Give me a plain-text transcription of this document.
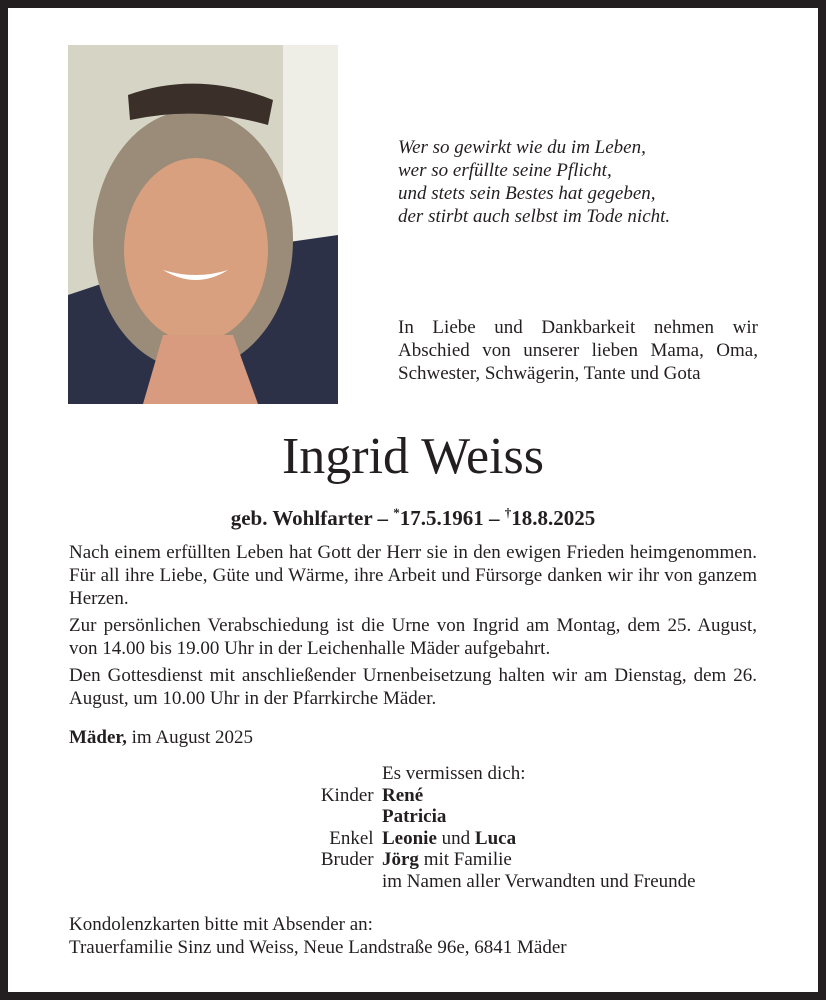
Wer so gewirkt wie du im Leben,
wer so erfüllte seine Pflicht,
und stets sein Bestes hat gegeben,
der stirbt auch selbst im Tode nicht.
In Liebe und Dankbarkeit nehmen wir Abschied von unserer lieben Mama, Oma, Schwester, Schwägerin, Tante und Gota
Ingrid Weiss
geb. Wohlfarter – *17.5.1961 – †18.8.2025

Nach einem erfüllten Leben hat Gott der Herr sie in den ewigen Frieden heimgenommen. Für all ihre Liebe, Güte und Wärme, ihre Arbeit und Fürsorge danken wir ihr von ganzem Herzen.

Zur persönlichen Verabschiedung ist die Urne von Ingrid am Montag, dem 25. August, von 14.00 bis 19.00 Uhr in der Leichenhalle Mäder aufgebahrt.

Den Gottesdienst mit anschließender Urnenbeisetzung halten wir am Dienstag, dem 26. August, um 10.00 Uhr in der Pfarrkirche Mäder.

Mäder, im August 2025
Es vermissen dich:
Kinder René
Patricia
Enkel Leonie und Luca
Bruder Jörg mit Familie
im Namen aller Verwandten und Freunde
Kondolenzkarten bitte mit Absender an:
Trauerfamilie Sinz und Weiss, Neue Landstraße 96e, 6841 Mäder
